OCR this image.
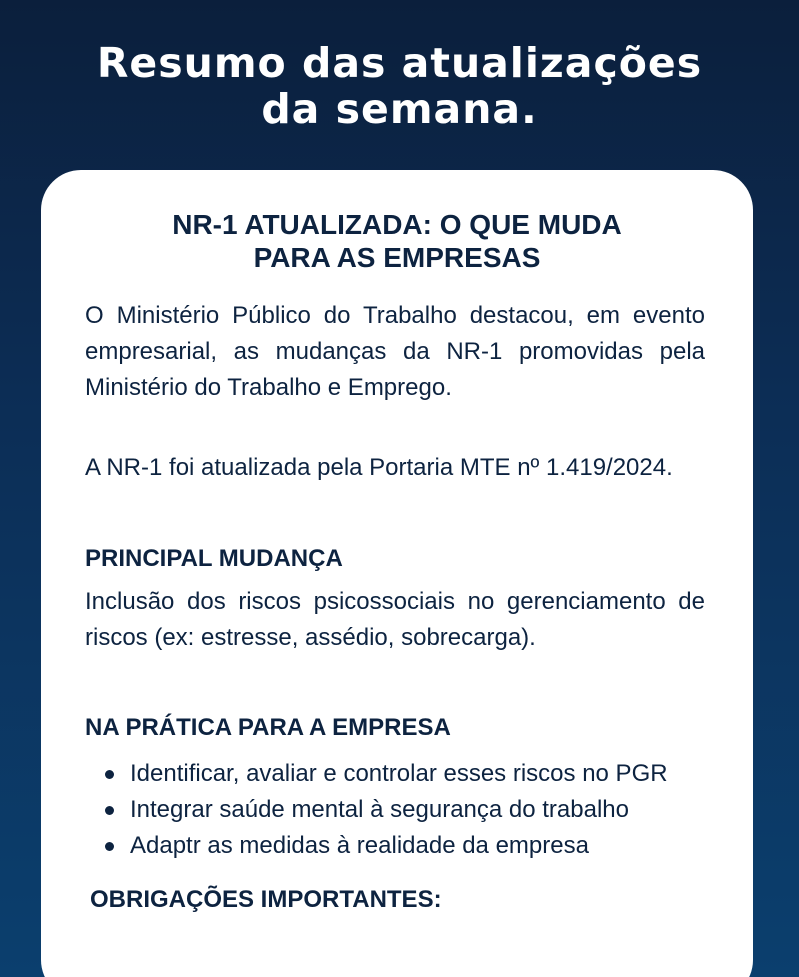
Resumo das atualizações
da semana.
NR-1 ATUALIZADA: O QUE MUDA
PARA AS EMPRESAS

O Ministério Público do Trabalho destacou, em evento empresarial, as mudanças da NR-1 promovidas pela Ministério do Trabalho e Emprego.

A NR-1 foi atualizada pela Portaria MTE nº 1.419/2024.

PRINCIPAL MUDANÇA

Inclusão dos riscos psicossociais no gerenciamento de riscos (ex: estresse, assédio, sobrecarga).

NA PRÁTICA PARA A EMPRESA
Identificar, avaliar e controlar esses riscos no PGR
Integrar saúde mental à segurança do trabalho
Adaptr as medidas à realidade da empresa
OBRIGAÇÕES IMPORTANTES:
